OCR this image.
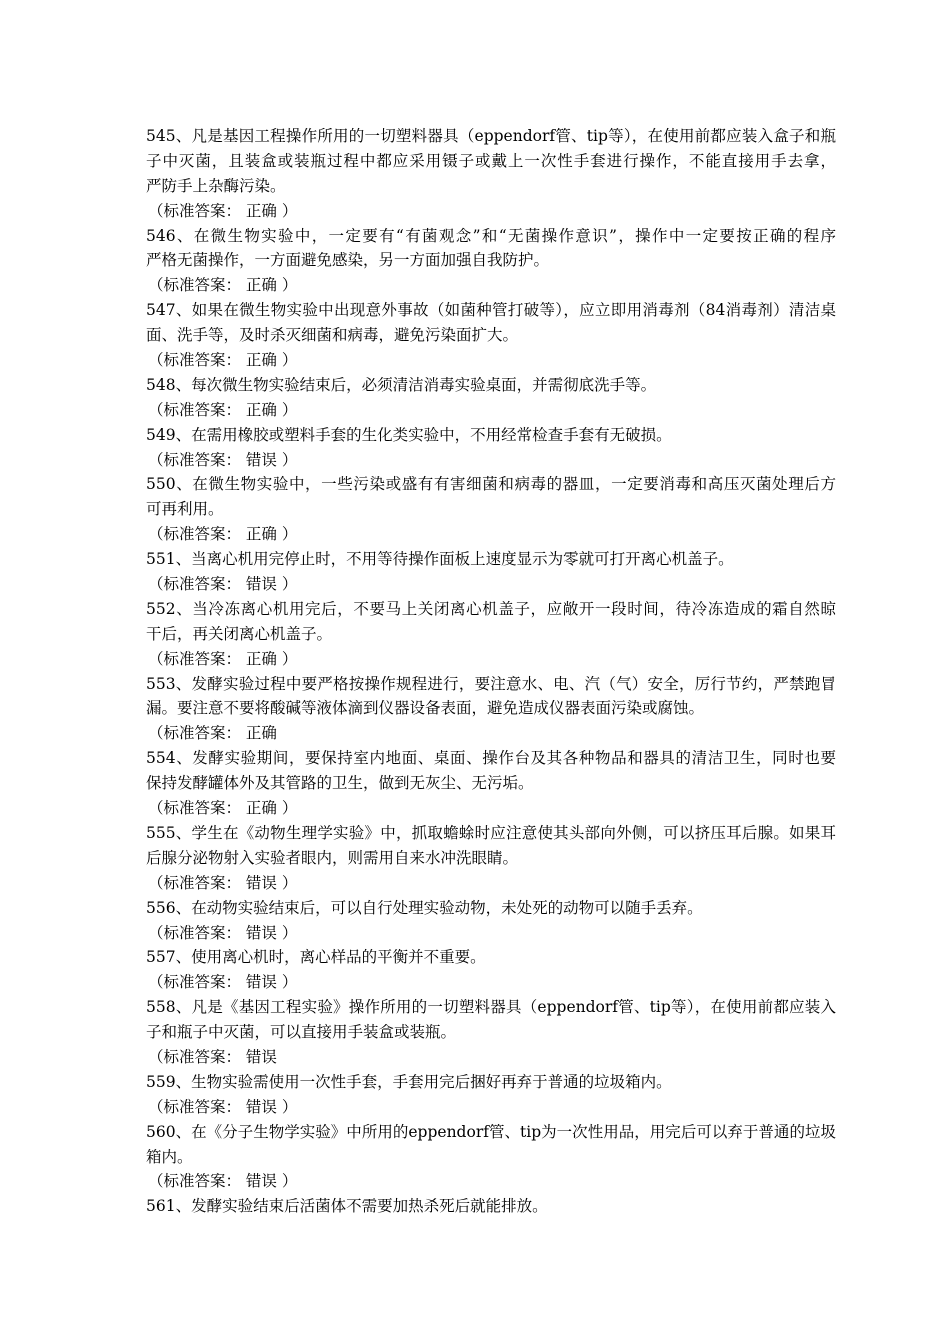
545、凡是基因工程操作所用的一切塑料器具（eppendorf管、tip等），在使用前都应装入盒子和瓶
子中灭菌，且装盒或装瓶过程中都应采用镊子或戴上一次性手套进行操作，不能直接用手去拿，
严防手上杂酶污染。
（标准答案： 正确 ）
546、在微生物实验中，一定要有“有菌观念”和“无菌操作意识”，操作中一定要按正确的程序
严格无菌操作，一方面避免感染，另一方面加强自我防护。
（标准答案： 正确 ）
547、如果在微生物实验中出现意外事故（如菌种管打破等），应立即用消毒剂（84消毒剂）清洁桌
面、洗手等，及时杀灭细菌和病毒，避免污染面扩大。
（标准答案： 正确 ）
548、每次微生物实验结束后，必须清洁消毒实验桌面，并需彻底洗手等。
（标准答案： 正确 ）
549、在需用橡胶或塑料手套的生化类实验中，不用经常检查手套有无破损。
（标准答案： 错误 ）
550、在微生物实验中，一些污染或盛有有害细菌和病毒的器皿，一定要消毒和高压灭菌处理后方
可再利用。
（标准答案： 正确 ）
551、当离心机用完停止时，不用等待操作面板上速度显示为零就可打开离心机盖子。
（标准答案： 错误 ）
552、当冷冻离心机用完后，不要马上关闭离心机盖子，应敞开一段时间，待冷冻造成的霜自然晾
干后，再关闭离心机盖子。
（标准答案： 正确 ）
553、发酵实验过程中要严格按操作规程进行，要注意水、电、汽（气）安全，厉行节约，严禁跑冒
漏。要注意不要将酸碱等液体滴到仪器设备表面，避免造成仪器表面污染或腐蚀。
（标准答案： 正确
554、发酵实验期间，要保持室内地面、桌面、操作台及其各种物品和器具的清洁卫生，同时也要
保持发酵罐体外及其管路的卫生，做到无灰尘、无污垢。
（标准答案： 正确 ）
555、学生在《动物生理学实验》中，抓取蟾蜍时应注意使其头部向外侧，可以挤压耳后腺。如果耳
后腺分泌物射入实验者眼内，则需用自来水冲洗眼睛。
（标准答案： 错误 ）
556、在动物实验结束后，可以自行处理实验动物，未处死的动物可以随手丢弃。
（标准答案： 错误 ）
557、使用离心机时，离心样品的平衡并不重要。
（标准答案： 错误 ）
558、凡是《基因工程实验》操作所用的一切塑料器具（eppendorf管、tip等），在使用前都应装入
子和瓶子中灭菌，可以直接用手装盒或装瓶。
（标准答案： 错误
559、生物实验需使用一次性手套，手套用完后捆好再弃于普通的垃圾箱内。
（标准答案： 错误 ）
560、在《分子生物学实验》中所用的eppendorf管、tip为一次性用品，用完后可以弃于普通的垃圾
箱内。
（标准答案： 错误 ）
561、发酵实验结束后活菌体不需要加热杀死后就能排放。
